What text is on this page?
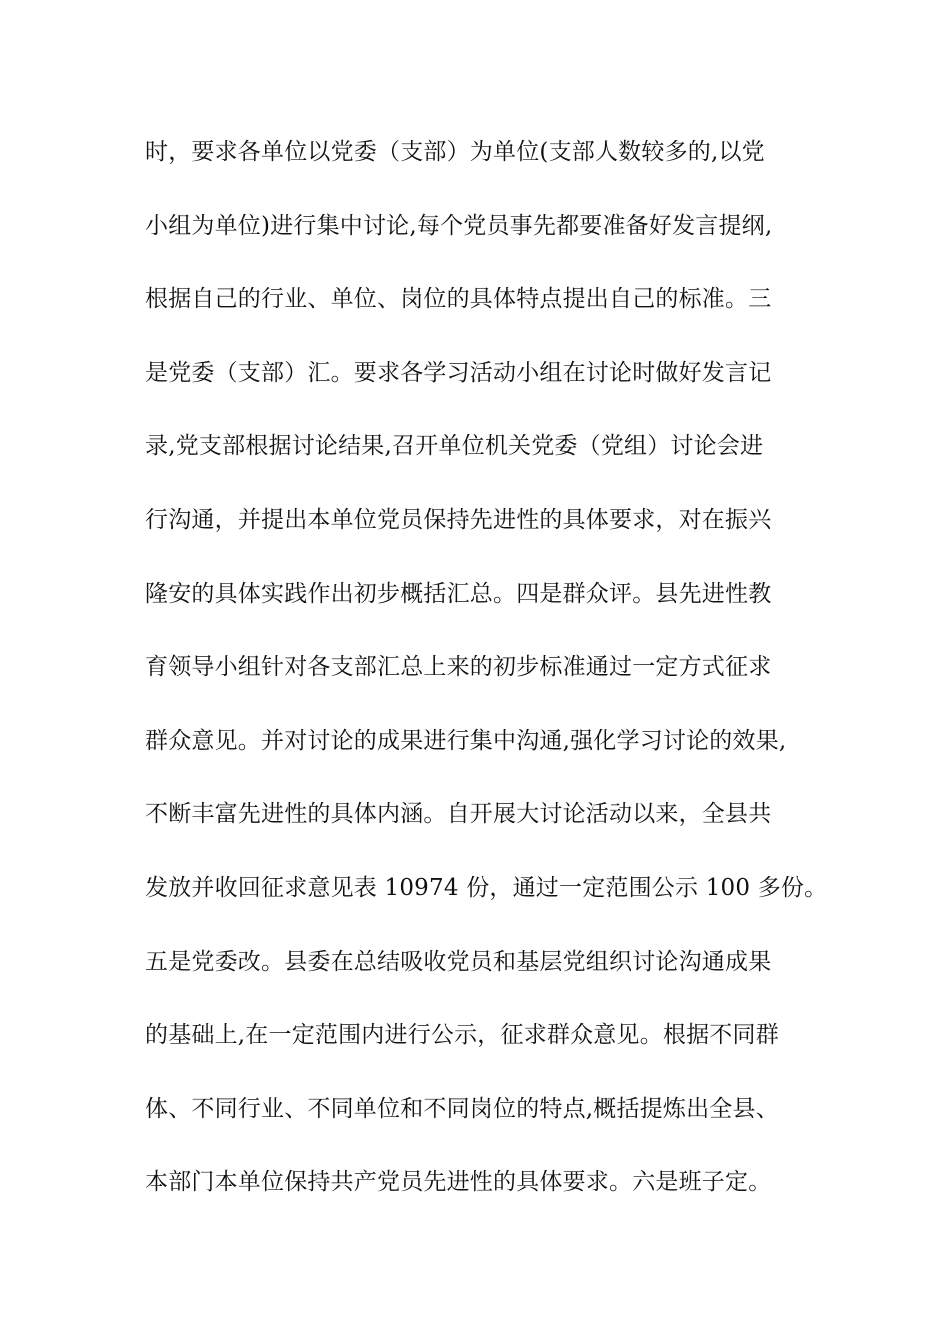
时，要求各单位以党委（支部）为单位(支部人数较多的,以党
小组为单位)进行集中讨论,每个党员事先都要准备好发言提纲,
根据自己的行业、单位、岗位的具体特点提出自己的标准。三
是党委（支部）汇。要求各学习活动小组在讨论时做好发言记
录,党支部根据讨论结果,召开单位机关党委（党组）讨论会进
行沟通，并提出本单位党员保持先进性的具体要求，对在振兴
隆安的具体实践作出初步概括汇总。四是群众评。县先进性教
育领导小组针对各支部汇总上来的初步标准通过一定方式征求
群众意见。并对讨论的成果进行集中沟通,强化学习讨论的效果,
不断丰富先进性的具体内涵。自开展大讨论活动以来，全县共
发放并收回征求意见表 10974 份，通过一定范围公示 100 多份。
五是党委改。县委在总结吸收党员和基层党组织讨论沟通成果
的基础上,在一定范围内进行公示，征求群众意见。根据不同群
体、不同行业、不同单位和不同岗位的特点,概括提炼出全县、
本部门本单位保持共产党员先进性的具体要求。六是班子定。
